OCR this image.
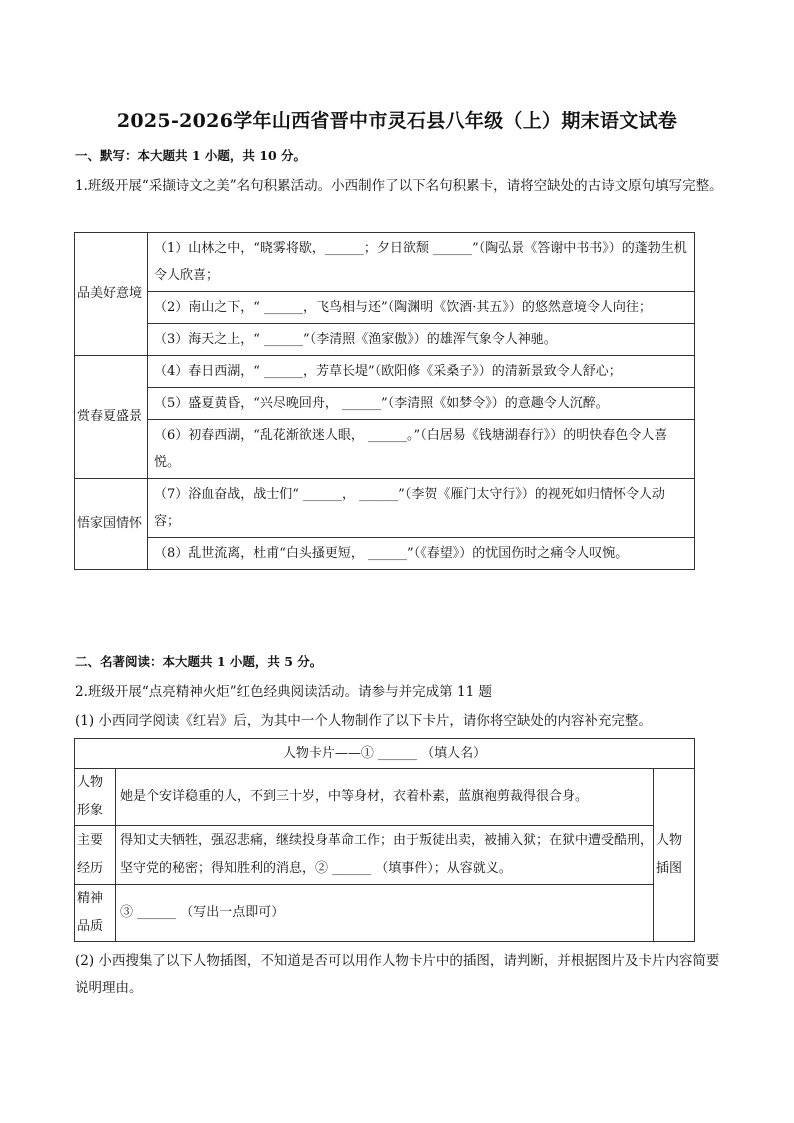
2025-2026学年山西省晋中市灵石县八年级（上）期末语文试卷
一、默写：本大题共 1 小题，共 10 分。
1.班级开展“采撷诗文之美”名句积累活动。小西制作了以下名句积累卡，请将空缺处的古诗文原句填写完整。
品美好意境	（1）山林之中，“晓雾将歇，______；夕日欲颓 ______”（陶弘景《答谢中书书》）的蓬勃生机令人欣喜；
	（2）南山之下，“ ______，飞鸟相与还”（陶渊明《饮酒·其五》）的悠然意境令人向往；
	（3）海天之上，“ ______”（李清照《渔家傲》）的雄浑气象令人神驰。
赏春夏盛景	（4）春日西湖，“ ______，芳草长堤”（欧阳修《采桑子》）的清新景致令人舒心；
	（5）盛夏黄昏，“兴尽晚回舟， ______”（李清照《如梦令》）的意趣令人沉醉。
	（6）初春西湖，“乱花渐欲迷人眼， ______。”（白居易《钱塘湖春行》）的明快春色令人喜悦。
悟家国情怀	（7）浴血奋战，战士们“ ______， ______”（李贺《雁门太守行》）的视死如归情怀令人动容；
	（8）乱世流离，杜甫“白头搔更短， ______”（《春望》）的忧国伤时之痛令人叹惋。
二、名著阅读：本大题共 1 小题，共 5 分。
2.班级开展“点亮精神火炬”红色经典阅读活动。请参与并完成第 11 题
(1) 小西同学阅读《红岩》后，为其中一个人物制作了以下卡片，请你将空缺处的内容补充完整。
人物卡片——① ______ （填人名）		
人物形象	她是个安详稳重的人，不到三十岁，中等身材，衣着朴素，蓝旗袍剪裁得很合身。	人物插图
主要经历	得知丈夫牺牲，强忍悲痛，继续投身革命工作；由于叛徒出卖，被捕入狱；在狱中遭受酷刑，坚守党的秘密；得知胜利的消息，② ______ （填事件）；从容就义。	
精神品质	③ ______ （写出一点即可）	
(2) 小西搜集了以下人物插图，不知道是否可以用作人物卡片中的插图，请判断，并根据图片及卡片内容简要说明理由。
